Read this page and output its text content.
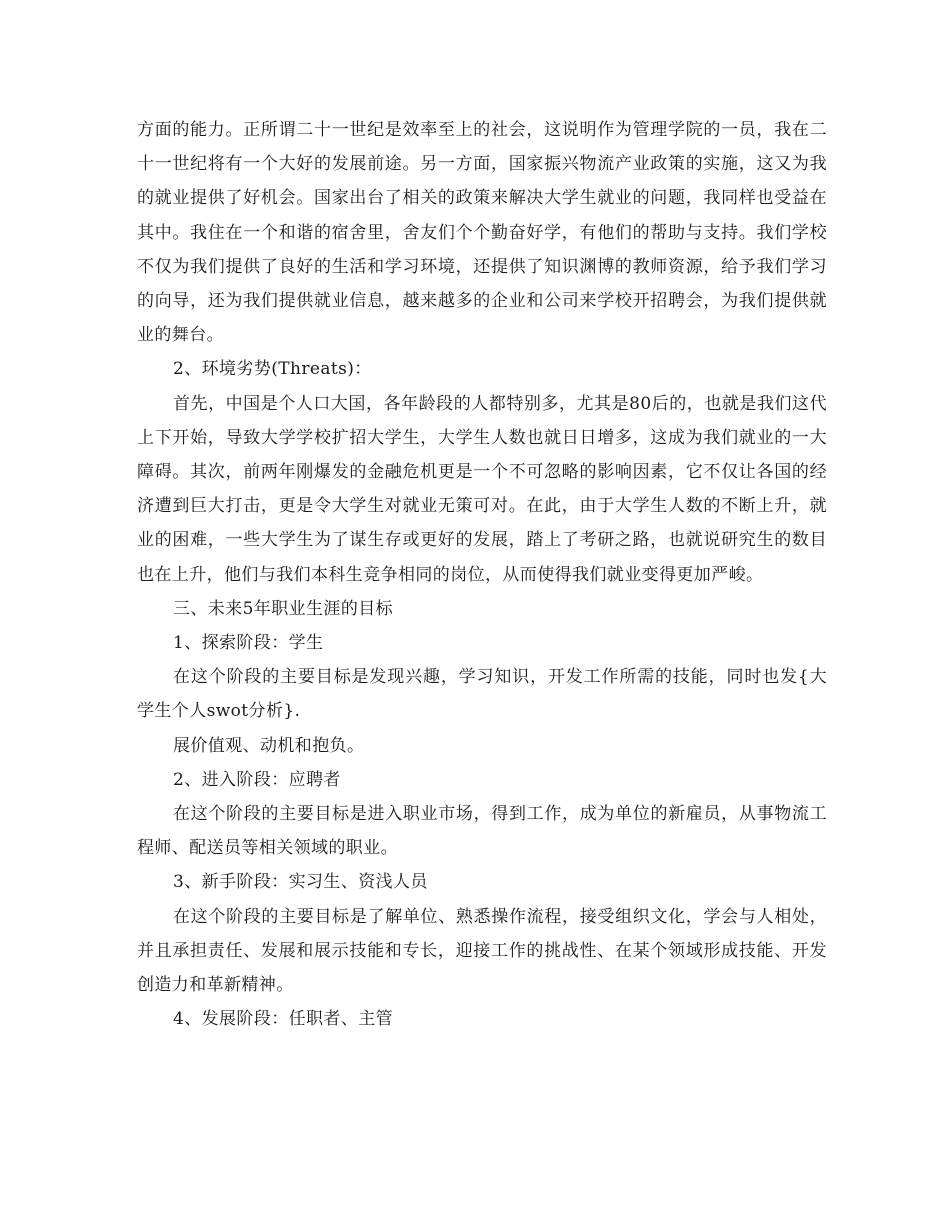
方面的能力。正所谓二十一世纪是效率至上的社会，这说明作为管理学院的一员，我在二十一世纪将有一个大好的发展前途。另一方面，国家振兴物流产业政策的实施，这又为我的就业提供了好机会。国家出台了相关的政策来解决大学生就业的问题，我同样也受益在其中。我住在一个和谐的宿舍里，舍友们个个勤奋好学，有他们的帮助与支持。我们学校不仅为我们提供了良好的生活和学习环境，还提供了知识渊博的教师资源，给予我们学习的向导，还为我们提供就业信息，越来越多的企业和公司来学校开招聘会，为我们提供就业的舞台。

2、环境劣势(Threats)：

首先，中国是个人口大国，各年龄段的人都特别多，尤其是80后的，也就是我们这代上下开始，导致大学学校扩招大学生，大学生人数也就日日增多，这成为我们就业的一大障碍。其次，前两年刚爆发的金融危机更是一个不可忽略的影响因素，它不仅让各国的经济遭到巨大打击，更是令大学生对就业无策可对。在此，由于大学生人数的不断上升，就业的困难，一些大学生为了谋生存或更好的发展，踏上了考研之路，也就说研究生的数目也在上升，他们与我们本科生竞争相同的岗位，从而使得我们就业变得更加严峻。

三、未来5年职业生涯的目标

1、探索阶段：学生

在这个阶段的主要目标是发现兴趣，学习知识，开发工作所需的技能，同时也发{大学生个人swot分析}.

展价值观、动机和抱负。

2、进入阶段：应聘者

在这个阶段的主要目标是进入职业市场，得到工作，成为单位的新雇员，从事物流工程师、配送员等相关领域的职业。

3、新手阶段：实习生、资浅人员

在这个阶段的主要目标是了解单位、熟悉操作流程，接受组织文化，学会与人相处，并且承担责任、发展和展示技能和专长，迎接工作的挑战性、在某个领域形成技能、开发创造力和革新精神。

4、发展阶段：任职者、主管
